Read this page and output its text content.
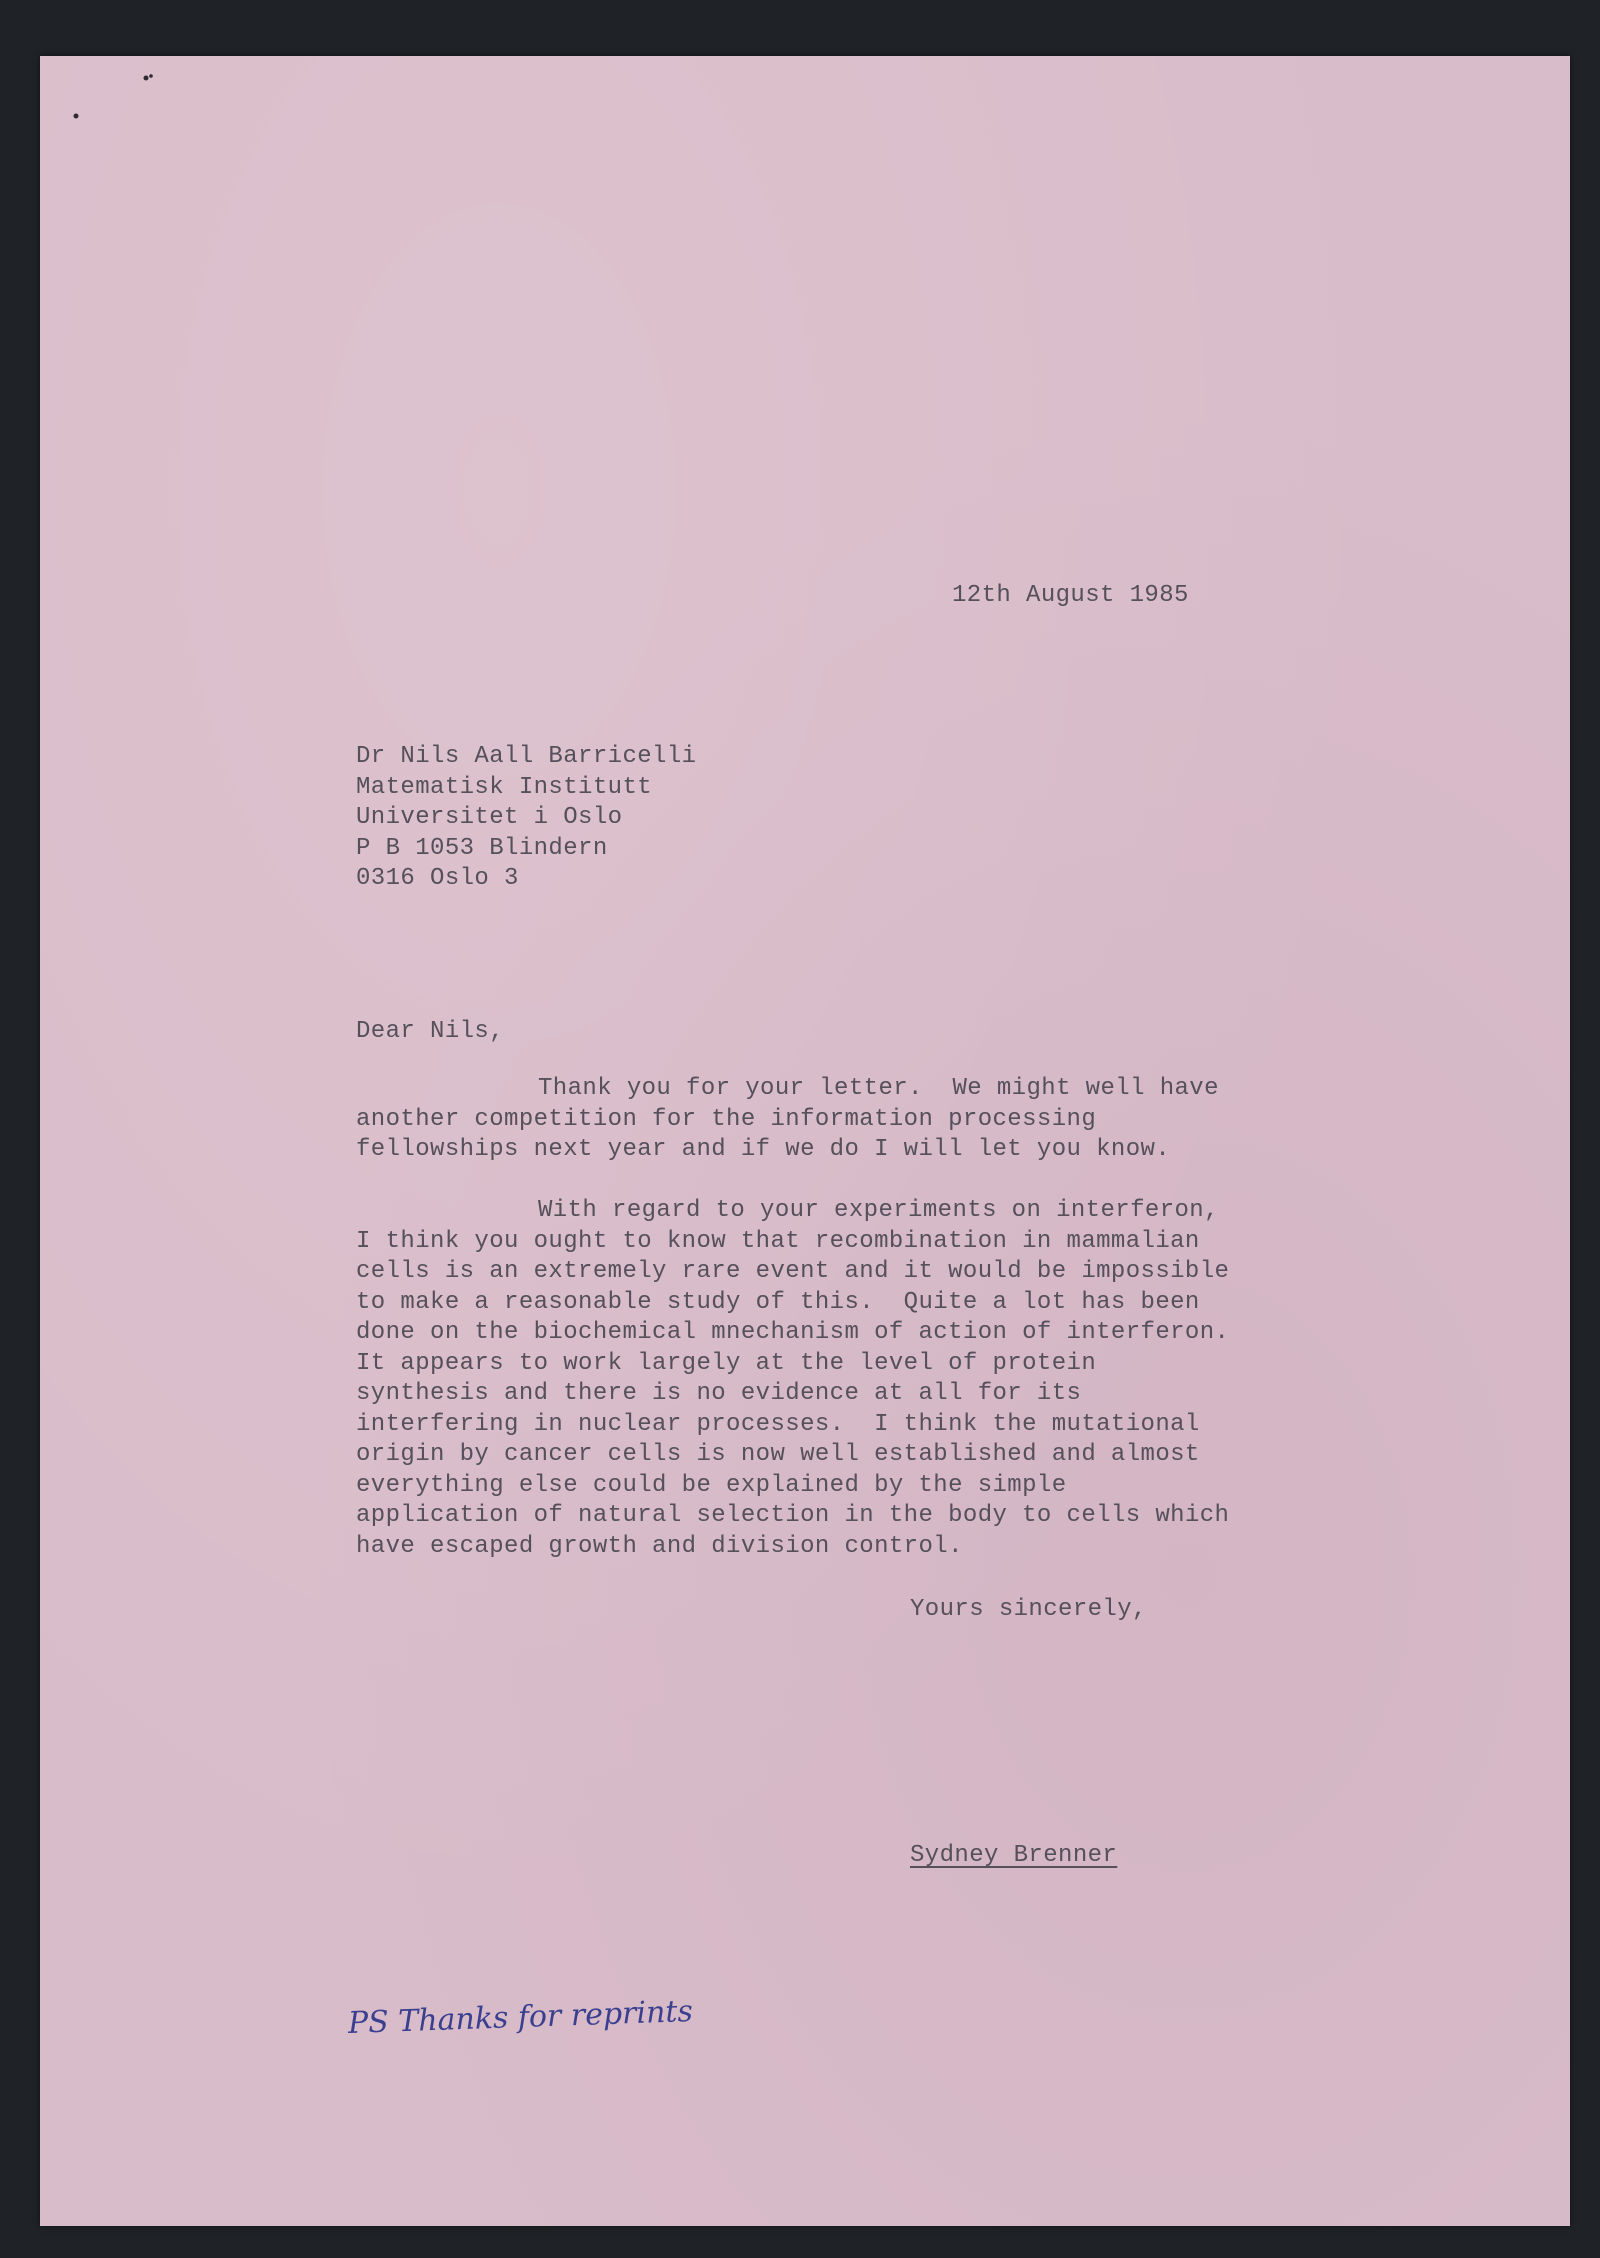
12th August 1985
Dr Nils Aall Barricelli
Matematisk Institutt
Universitet i Oslo
P B 1053 Blindern
0316 Oslo 3
Dear Nils,
Thank you for your letter.  We might well have
another competition for the information processing
fellowships next year and if we do I will let you know.
With regard to your experiments on interferon,
I think you ought to know that recombination in mammalian
cells is an extremely rare event and it would be impossible
to make a reasonable study of this.  Quite a lot has been
done on the biochemical mnechanism of action of interferon.
It appears to work largely at the level of protein
synthesis and there is no evidence at all for its
interfering in nuclear processes.  I think the mutational
origin by cancer cells is now well established and almost
everything else could be explained by the simple
application of natural selection in the body to cells which
have escaped growth and division control.
Yours sincerely,
Sydney Brenner
PS Thanks for reprints
